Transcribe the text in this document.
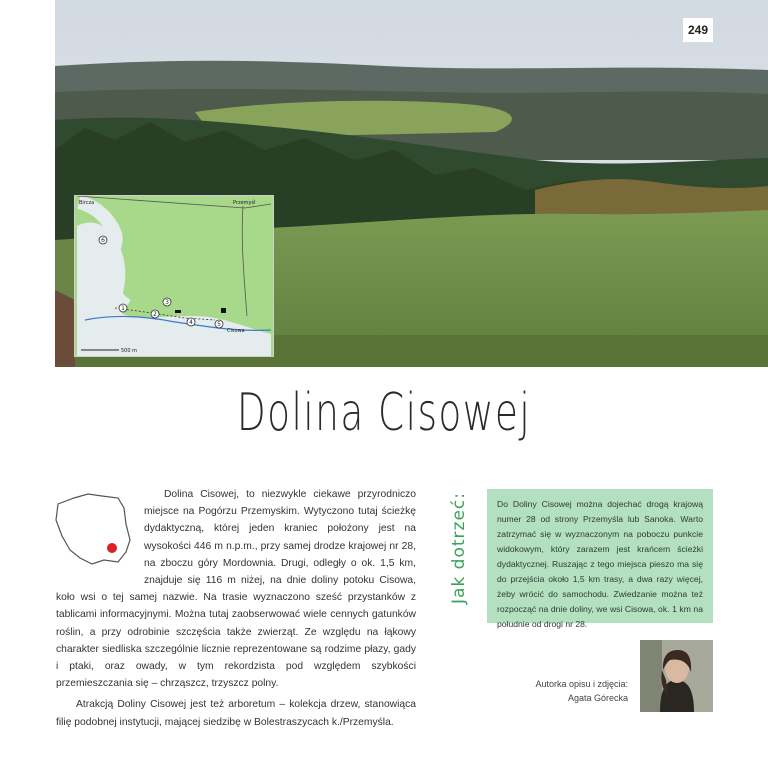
249
1
2
3
4	5
6
Bircza	Przemyśl
Cisowa
500 m
Dolina Cisowej

Dolina Cisowej, to niezwykle ciekawe przyrodniczo miejsce na Pogórzu Przemyskim. Wytyczono tutaj ścieżkę dydaktyczną, której jeden kraniec położony jest na wysokości 446 m n.p.m., przy samej drodze krajowej nr 28, na zboczu góry Mordownia. Drugi, odległy o ok. 1,5 km, znajduje się 116 m niżej, na dnie doliny potoku Cisowa, koło wsi o tej samej nazwie. Na trasie wyznaczono sześć przystanków z tablicami informacyjnymi. Można tutaj zaobserwować wiele cennych gatunków roślin, a przy odrobinie szczęścia także zwierząt. Ze względu na łąkowy charakter siedliska szczególnie licznie reprezentowane są rodzime płazy, gady i ptaki, oraz owady, w tym rekordzista pod względem szybkości przemieszczania się – chrząszcz, trzyszcz polny.

Atrakcją Doliny Cisowej jest też arboretum – kolekcja drzew, stanowiąca filię podobnej instytucji, mającej siedzibę w Bolestraszycach k./Przemyśla.

Jak dotrzeć:	Do Doliny Cisowej można dojechać drogą krajową numer 28 od strony Przemyśla lub Sanoka. Warto zatrzymać się w wyznaczonym na poboczu punkcie widokowym, który zarazem jest krańcem ścieżki dydaktycznej. Ruszając z tego miejsca pieszo ma się do przejścia około 1,5 km trasy, a dwa razy więcej, żeby wrócić do samochodu. Zwiedzanie można też rozpocząć na dnie doliny, we wsi Cisowa, ok. 1 km na południe od drogi nr 28.
Autorka opisu i zdjęcia:
Agata Górecka
